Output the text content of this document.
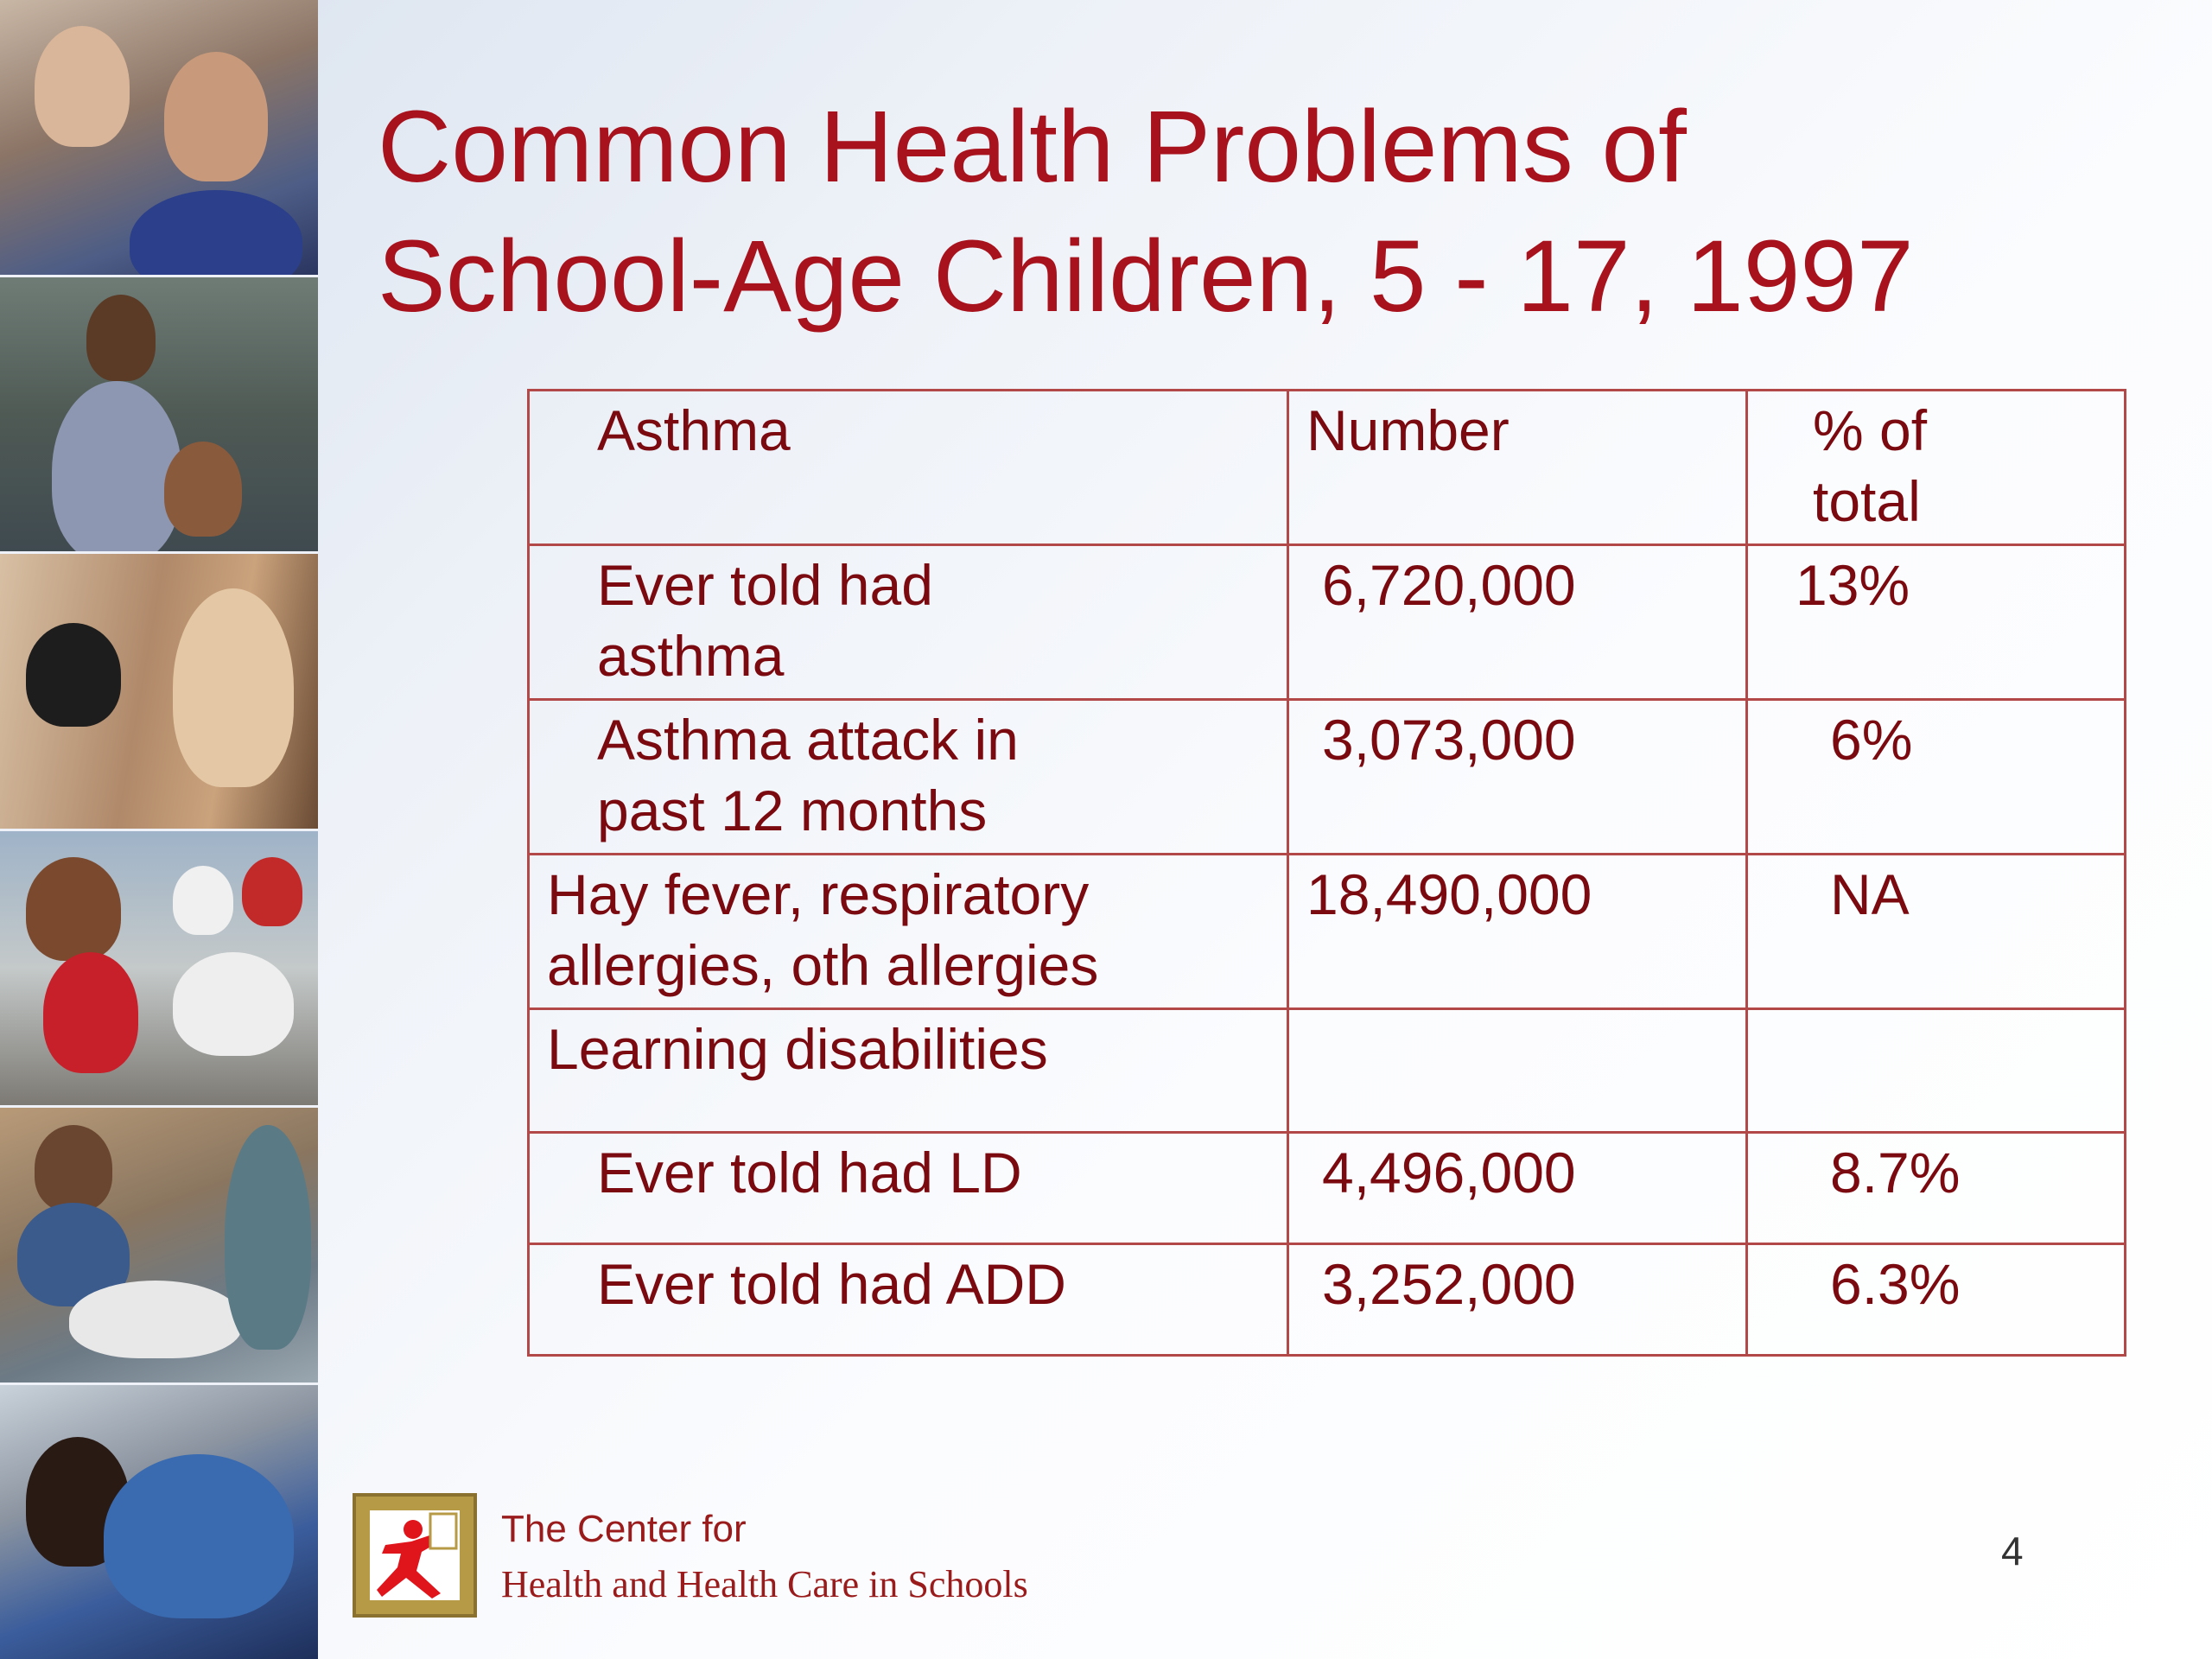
Common Health Problems of
School-Age Children, 5 - 17, 1997
Asthma	Number	% of
total

Ever told had
asthma	6,720,000	13%

Asthma attack in
past 12 months	3,073,000	6%

Hay fever, respiratory
allergies, oth allergies	18,490,000	NA
Learning disabilities		
Ever told had LD	4,496,000	8.7%
Ever told had ADD	3,252,000	6.3%
The Center for
Health and Health Care in Schools
4
